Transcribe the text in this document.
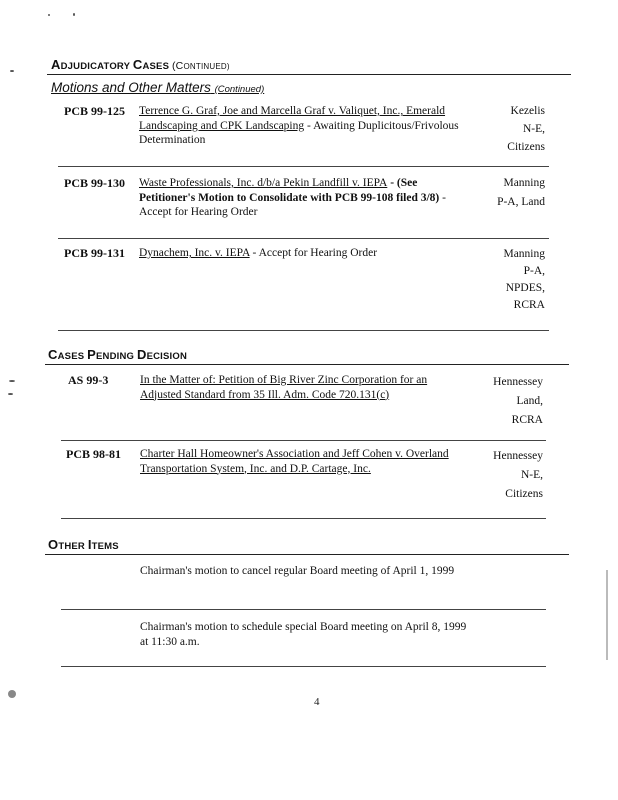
ADJUDICATORY CASES (CONTINUED)
Motions and Other Matters (Continued)
PCB 99-125 Terrence G. Graf, Joe and Marcella Graf v. Valiquet, Inc., Emerald Landscaping and CPK Landscaping - Awaiting Duplicitous/Frivolous Determination
Kezelis
N-E,
Citizens
PCB 99-130 Waste Professionals, Inc. d/b/a Pekin Landfill v. IEPA - (See Petitioner's Motion to Consolidate with PCB 99-108 filed 3/8) - Accept for Hearing Order
Manning
P-A, Land
PCB 99-131 Dynachem, Inc. v. IEPA - Accept for Hearing Order	Manning
P-A,
NPDES,
RCRA
CASES PENDING DECISION
AS 99-3	In the Matter of: Petition of Big River Zinc Corporation for an Adjusted Standard from 35 Ill. Adm. Code 720.131(c)
Hennessey
Land,
RCRA
PCB 98-81 Charter Hall Homeowner's Association and Jeff Cohen v. Overland Transportation System, Inc. and D.P. Cartage, Inc.
Hennessey
N-E,
Citizens
OTHER ITEMS
Chairman's motion to cancel regular Board meeting of April 1, 1999
Chairman's motion to schedule special Board meeting on April 8, 1999 at 11:30 a.m.
4
